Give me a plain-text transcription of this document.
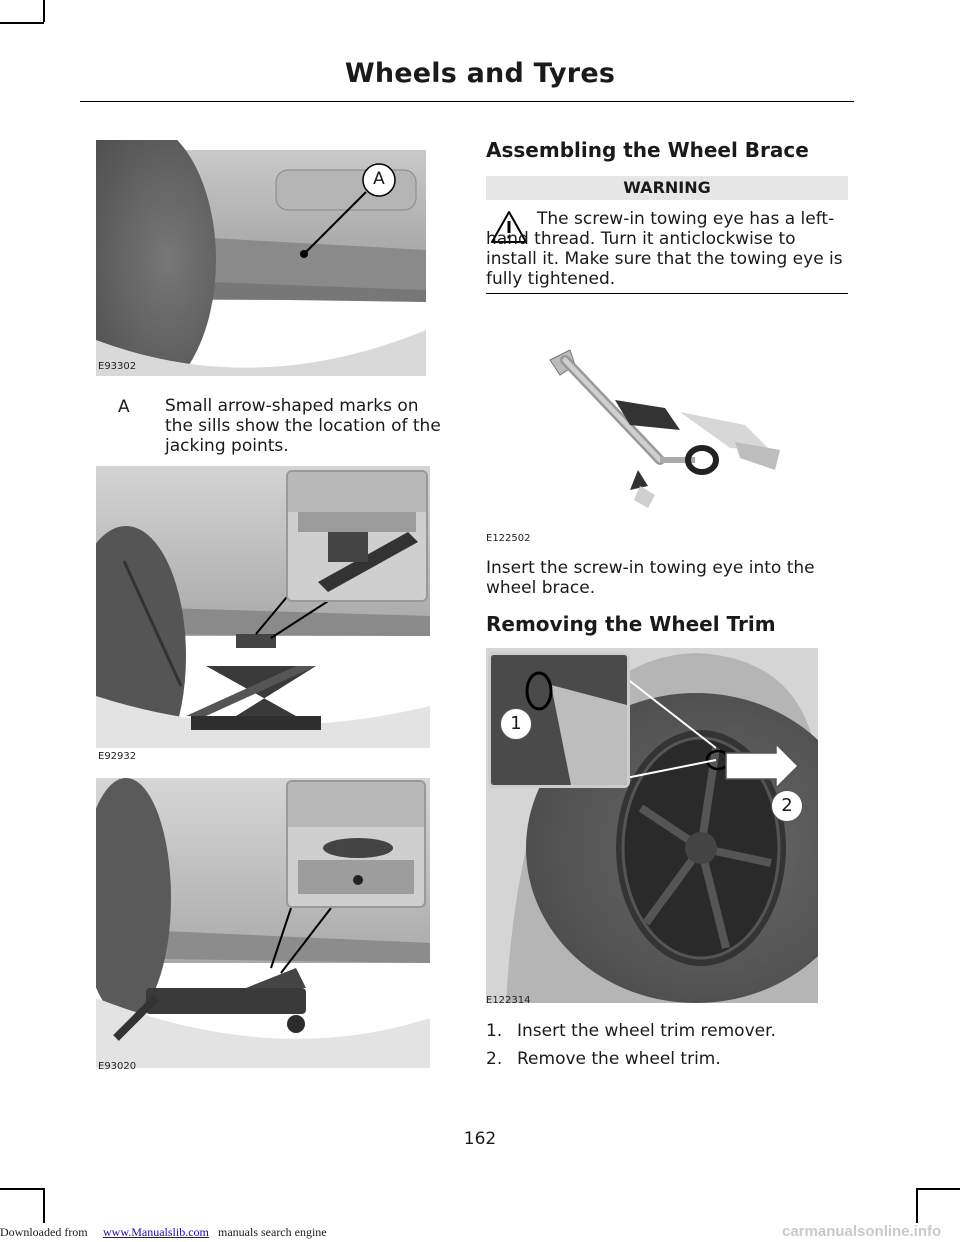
Wheels and Tyres
A
E93302
A Small arrow-shaped marks on the sills show the location of the jacking points.
E92932
E93020
Assembling the Wheel Brace
WARNING
The screw-in towing eye has a left-hand thread. Turn it anticlockwise to install it. Make sure that the towing eye is fully tightened.
E122502
Insert the screw-in towing eye into the wheel brace.
Removing the Wheel Trim
1
2
E122314
1. Insert the wheel trim remover.
2. Remove the wheel trim.
162
Downloaded from www.Manualslib.com manuals search engine	carmanualsonline.info
